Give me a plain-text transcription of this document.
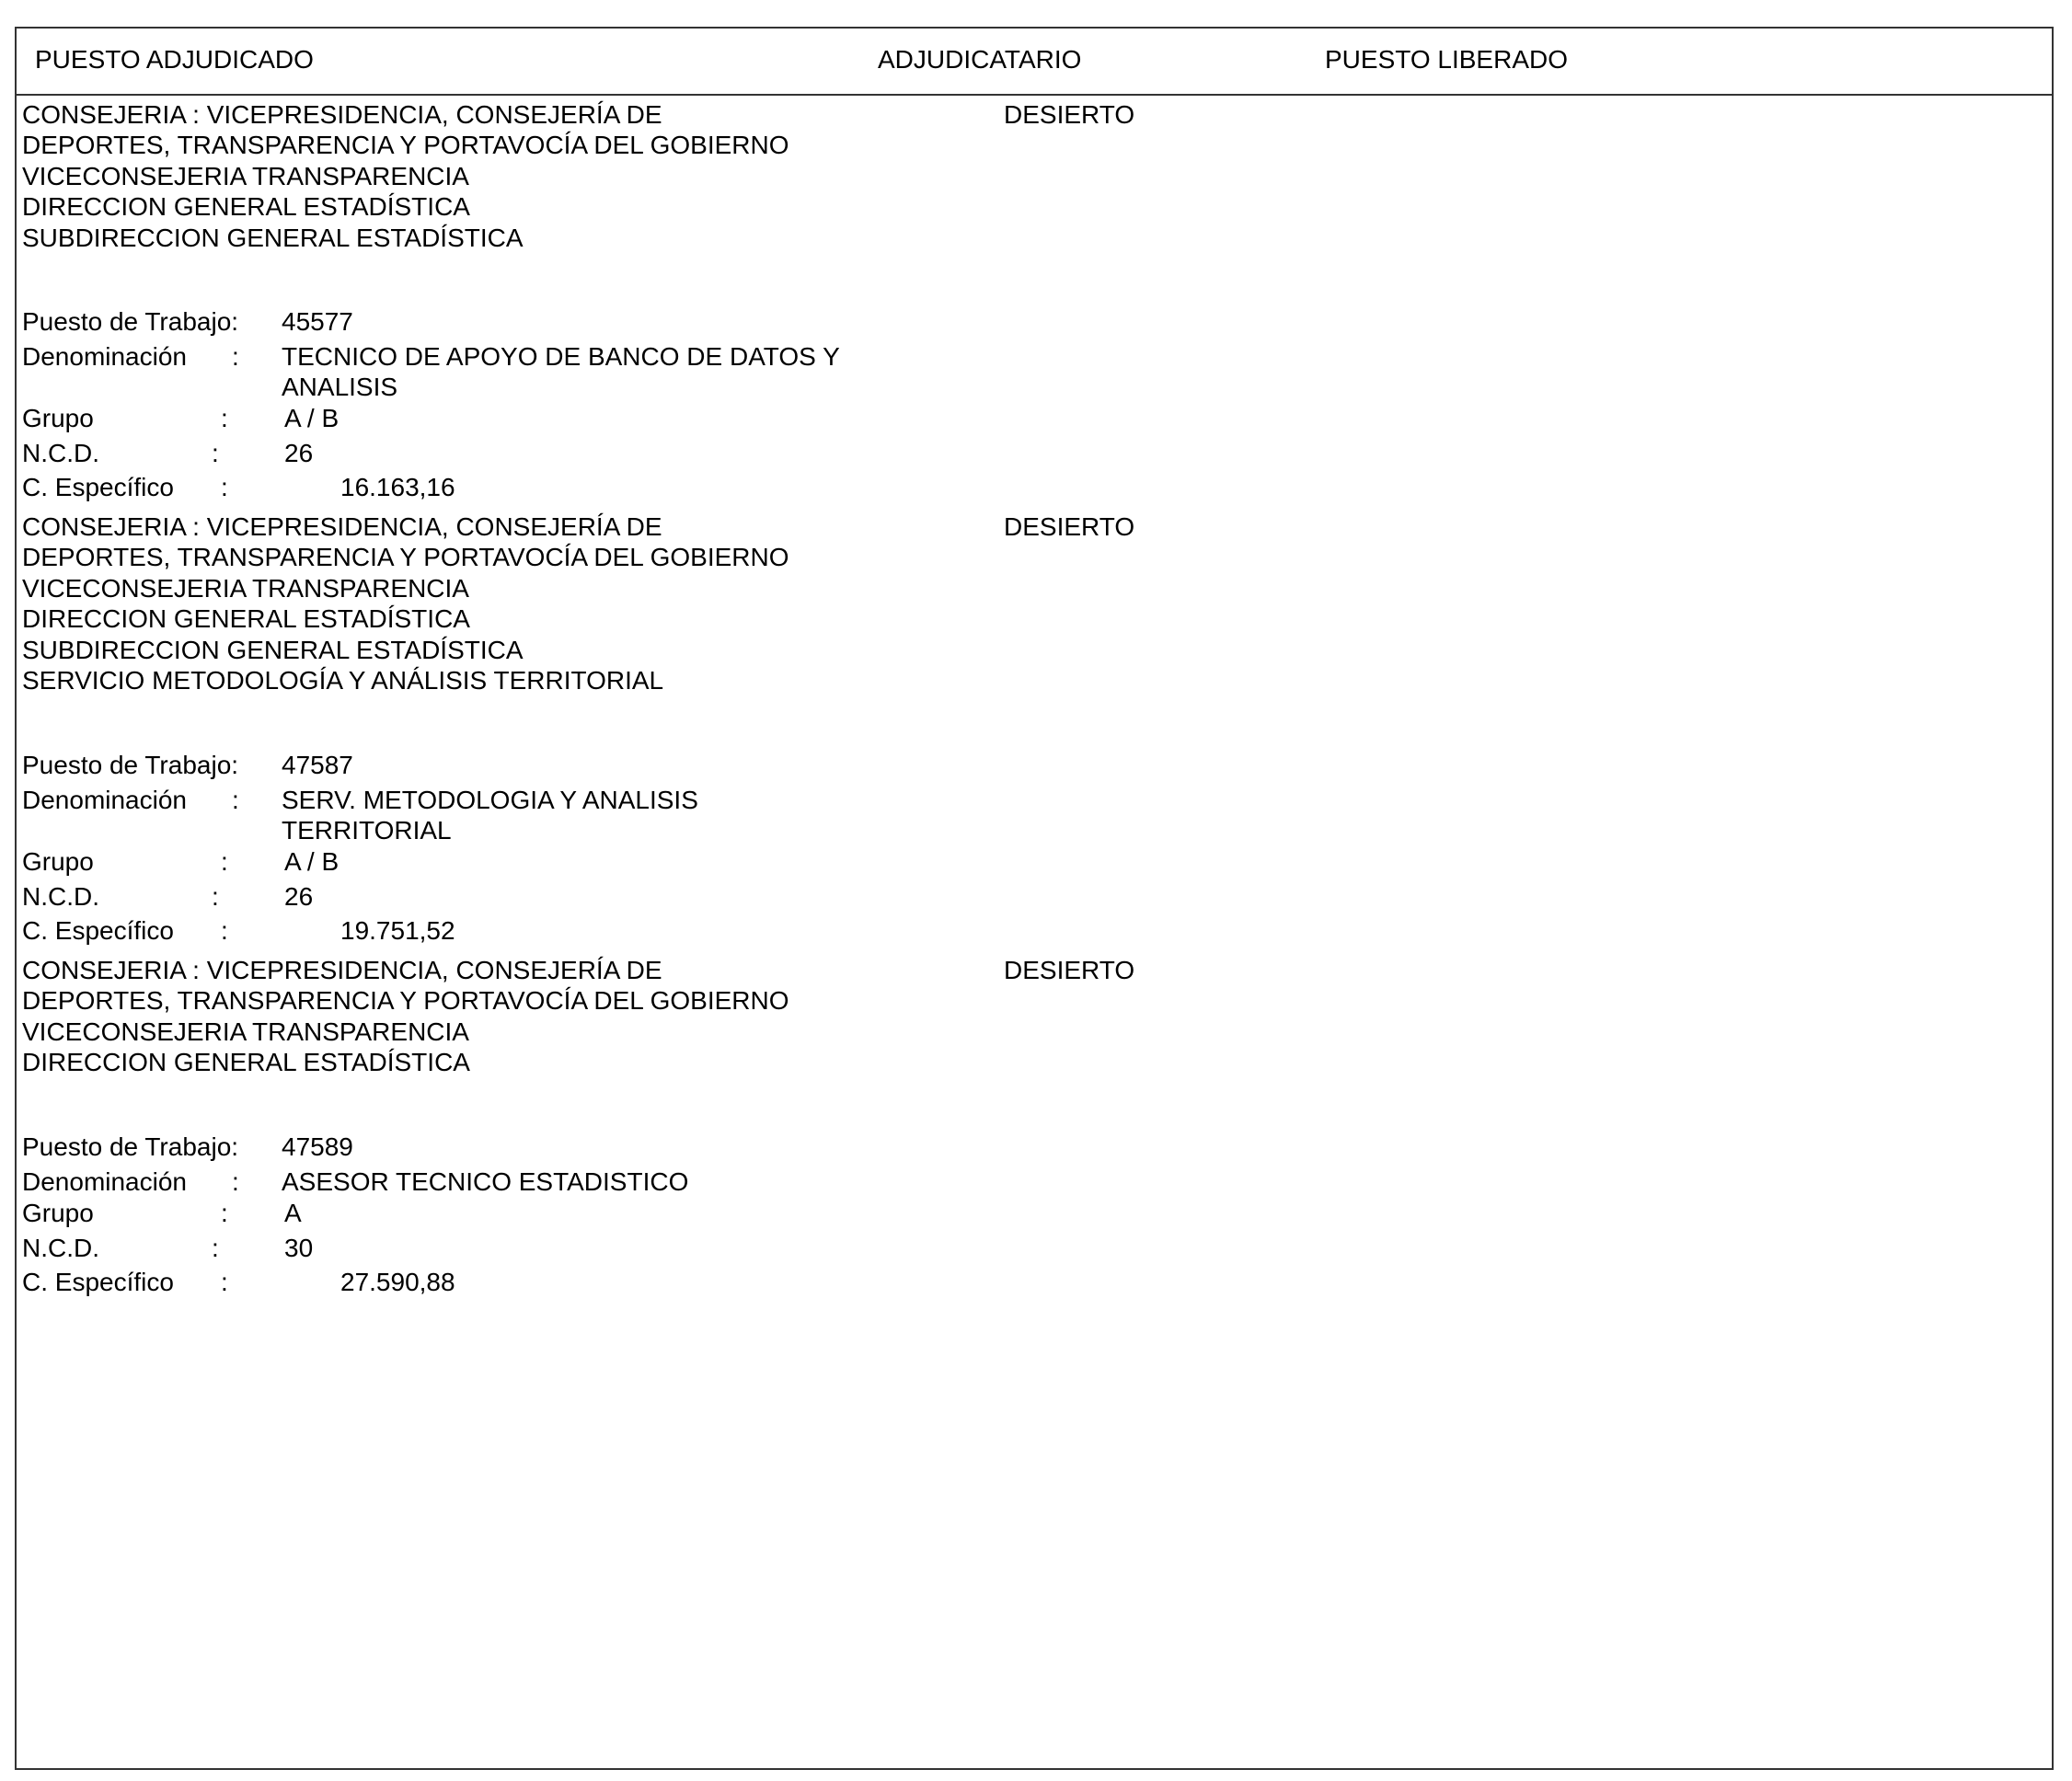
PUESTO ADJUDICADO	ADJUDICATARIO	PUESTO LIBERADO
CONSEJERIA : VICEPRESIDENCIA, CONSEJERÍA DE
DEPORTES, TRANSPARENCIA Y PORTAVOCÍA DEL GOBIERNO
VICECONSEJERIA TRANSPARENCIA
DIRECCION GENERAL ESTADÍSTICA
SUBDIRECCION GENERAL ESTADÍSTICA
DESIERTO
Puesto de Trabajo: 45577
Denominación : TECNICO DE APOYO DE BANCO DE DATOS Y
ANALISIS
Grupo	: A / B
N.C.D.	:	26
C. Específico :	16.163,16
CONSEJERIA : VICEPRESIDENCIA, CONSEJERÍA DE
DEPORTES, TRANSPARENCIA Y PORTAVOCÍA DEL GOBIERNO
VICECONSEJERIA TRANSPARENCIA
DIRECCION GENERAL ESTADÍSTICA
SUBDIRECCION GENERAL ESTADÍSTICA
SERVICIO METODOLOGÍA Y ANÁLISIS TERRITORIAL
DESIERTO
Puesto de Trabajo: 47587
Denominación : SERV. METODOLOGIA Y ANALISIS
TERRITORIAL
Grupo	: A / B
N.C.D.	:	26
C. Específico :	19.751,52
CONSEJERIA : VICEPRESIDENCIA, CONSEJERÍA DE
DEPORTES, TRANSPARENCIA Y PORTAVOCÍA DEL GOBIERNO
VICECONSEJERIA TRANSPARENCIA
DIRECCION GENERAL ESTADÍSTICA
DESIERTO
Puesto de Trabajo: 47589
Denominación : ASESOR TECNICO ESTADISTICO
Grupo	: A
N.C.D.	:	30
C. Específico :	27.590,88
